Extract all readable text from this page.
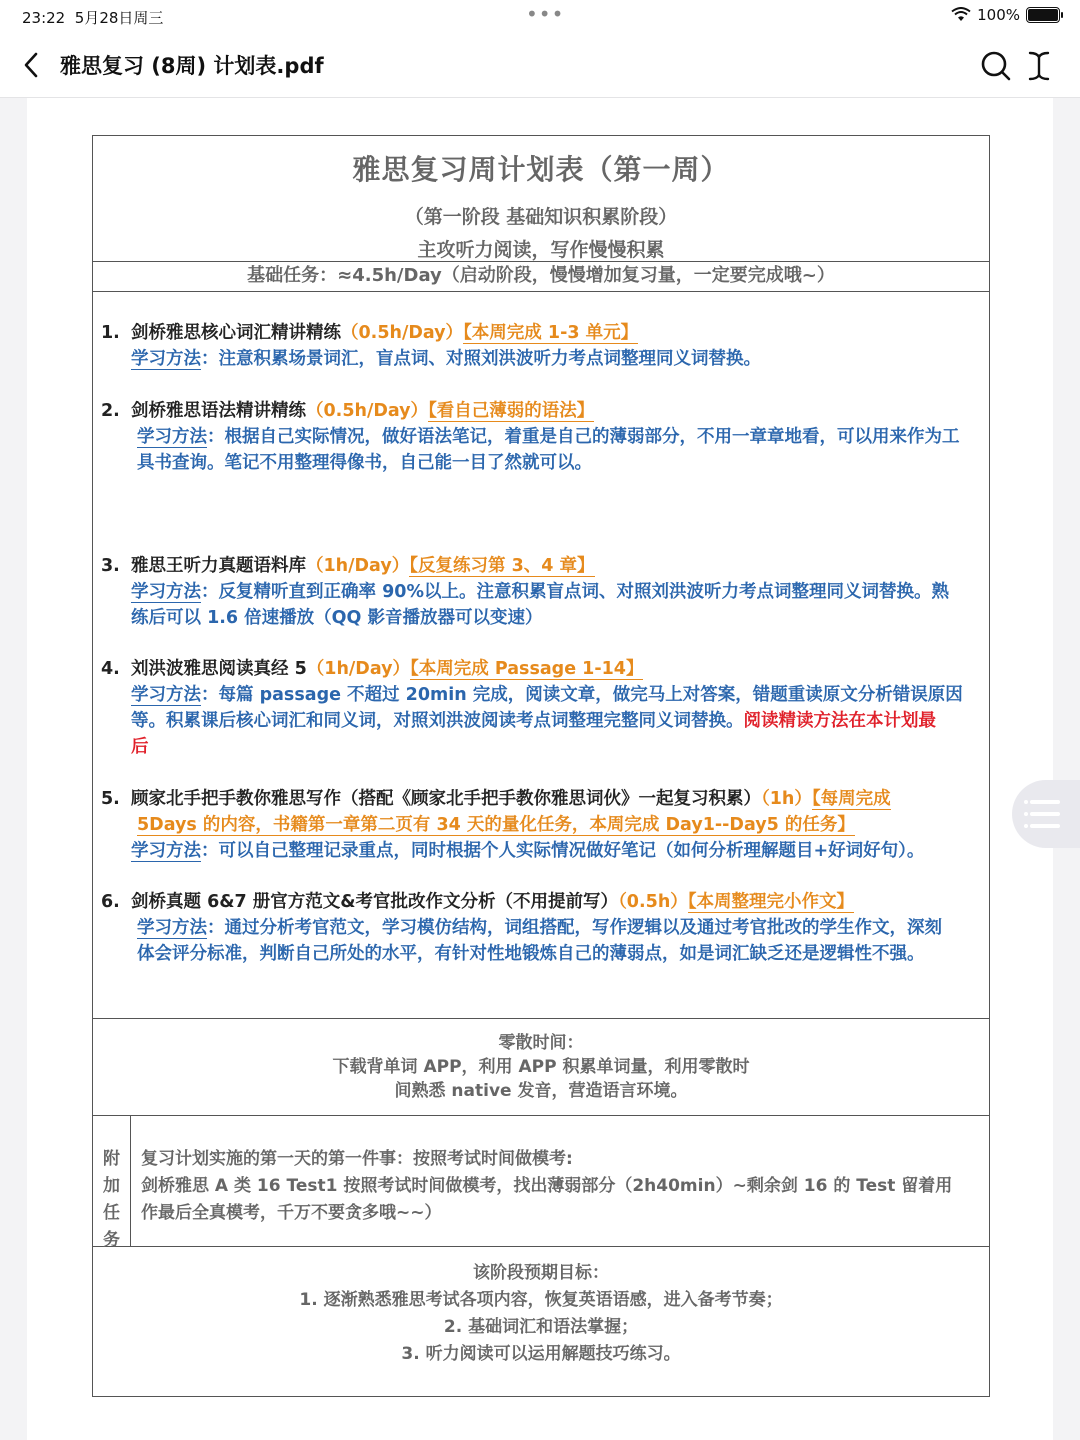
23:22 5月28日周三	•••	100%
雅思复习 (8周) 计划表.pdf
雅思复习周计划表（第一周）
（第一阶段 基础知识积累阶段）
主攻听力阅读，写作慢慢积累
基础任务：≈4.5h/Day（启动阶段，慢慢增加复习量，一定要完成哦~）
1. 剑桥雅思核心词汇精讲精练（0.5h/Day）【本周完成 1-3 单元】
学习方法：注意积累场景词汇，盲点词、对照刘洪波听力考点词整理同义词替换。
2. 剑桥雅思语法精讲精练（0.5h/Day）【看自己薄弱的语法】
学习方法：根据自己实际情况，做好语法笔记，着重是自己的薄弱部分，不用一章章地看，可以用来作为工
具书查询。笔记不用整理得像书，自己能一目了然就可以。
3. 雅思王听力真题语料库（1h/Day）【反复练习第 3、4 章】
学习方法：反复精听直到正确率 90%以上。注意积累盲点词、对照刘洪波听力考点词整理同义词替换。熟
练后可以 1.6 倍速播放（QQ 影音播放器可以变速）
4. 刘洪波雅思阅读真经 5（1h/Day）【本周完成 Passage 1-14】
学习方法：每篇 passage 不超过 20min 完成，阅读文章，做完马上对答案，错题重读原文分析错误原因
等。积累课后核心词汇和同义词，对照刘洪波阅读考点词整理完整同义词替换。阅读精读方法在本计划最
后
5. 顾家北手把手教你雅思写作（搭配《顾家北手把手教你雅思词伙》一起复习积累）（1h）【每周完成
5Days 的内容，书籍第一章第二页有 34 天的量化任务，本周完成 Day1--Day5 的任务】
学习方法：可以自己整理记录重点，同时根据个人实际情况做好笔记（如何分析理解题目+好词好句）。
6. 剑桥真题 6&7 册官方范文&考官批改作文分析（不用提前写）（0.5h）【本周整理完小作文】
学习方法：通过分析考官范文，学习模仿结构，词组搭配，写作逻辑以及通过考官批改的学生作文，深刻
体会评分标准，判断自己所处的水平，有针对性地锻炼自己的薄弱点，如是词汇缺乏还是逻辑性不强。
零散时间：
下载背单词 APP，利用 APP 积累单词量，利用零散时
间熟悉 native 发音，营造语言环境。
附
加
任
务
复习计划实施的第一天的第一件事：按照考试时间做模考:
剑桥雅思 A 类 16 Test1 按照考试时间做模考，找出薄弱部分（2h40min）~剩余剑 16 的 Test 留着用
作最后全真模考，千万不要贪多哦~~）
该阶段预期目标：
1. 逐渐熟悉雅思考试各项内容，恢复英语语感，进入备考节奏；
2. 基础词汇和语法掌握；
3. 听力阅读可以运用解题技巧练习。
